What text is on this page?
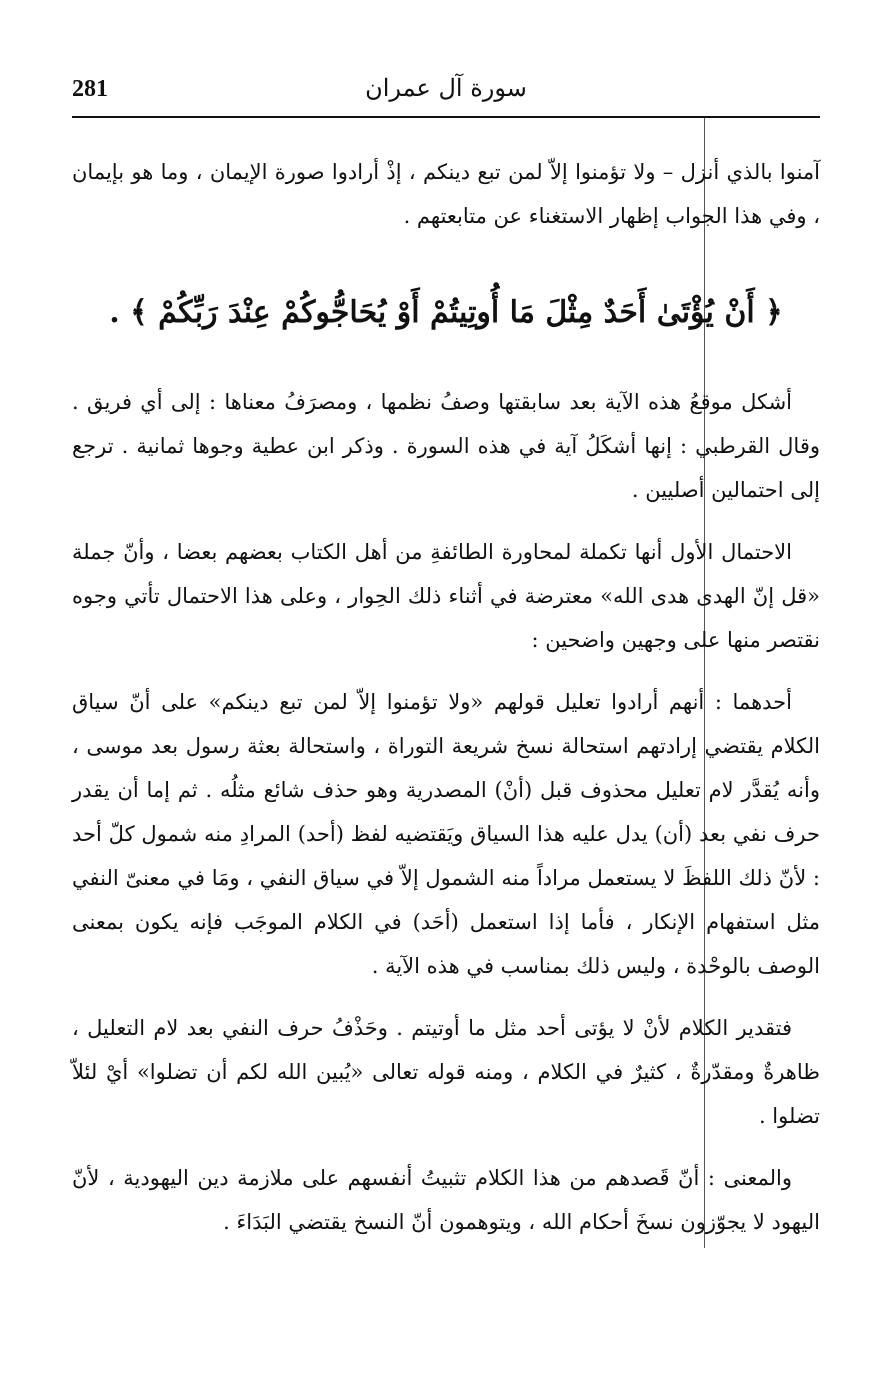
281	سورة آل عمران

آمنوا بالذي أنزل – ولا تؤمنوا إلاّ لمن تبع دينكم ، إذْ أرادوا صورة الإيمان ، وما هو بإيمان ، وفي هذا الجواب إظهار الاستغناء عن متابعتهم .

﴿ أَنْ يُؤْتَىٰ أَحَدٌ مِثْلَ مَا أُوتِيتُمْ أَوْ يُحَاجُّوكُمْ عِنْدَ رَبِّكُمْ ﴾ .

أشكل موقعُ هذه الآية بعد سابقتها وصفُ نظمها ، ومصرَفُ معناها : إلى أي فريق . وقال القرطبي : إنها أشكَلُ آية في هذه السورة . وذكر ابن عطية وجوها ثمانية . ترجع إلى احتمالين أصليين .

الاحتمال الأول أنها تكملة لمحاورة الطائفةِ من أهل الكتاب بعضهم بعضا ، وأنّ جملة «قل إنّ الهدى هدى الله» معترضة في أثناء ذلك الحِوار ، وعلى هذا الاحتمال تأتي وجوه نقتصر منها على وجهين واضحين :

أحدهما : أنهم أرادوا تعليل قولهم «ولا تؤمنوا إلاّ لمن تبع دينكم» على أنّ سياق الكلام يقتضي إرادتهم استحالة نسخ شريعة التوراة ، واستحالة بعثة رسول بعد موسى ، وأنه يُقدَّر لام تعليل محذوف قبل (أنْ) المصدرية وهو حذف شائع مثلُه . ثم إما أن يقدر حرف نفي بعد (أن) يدل عليه هذا السياق ويَقتضيه لفظ (أحد) المرادِ منه شمول كلّ أحد : لأنّ ذلك اللفظَ لا يستعمل مراداً منه الشمول إلاّ في سياق النفي ، ومَا في معنىّ النفي مثل استفهام الإنكار ، فأما إذا استعمل (أحَد) في الكلام الموجَب فإنه يكون بمعنى الوصف بالوحْدة ، وليس ذلك بمناسب في هذه الآية .

فتقدير الكلام لأنْ لا يؤتى أحد مثل ما أوتيتم . وحَذْفُ حرف النفي بعد لام التعليل ، ظاهرةٌ ومقدّرةٌ ، كثيرٌ في الكلام ، ومنه قوله تعالى «يُبين الله لكم أن تضلوا» أيْ لئلاّ تضلوا .

والمعنى : أنّ قَصدهم من هذا الكلام تثبيتُ أنفسهم على ملازمة دين اليهودية ، لأنّ اليهود لا يجوّزون نسخَ أحكام الله ، ويتوهمون أنّ النسخ يقتضي البَدَاءَ .
